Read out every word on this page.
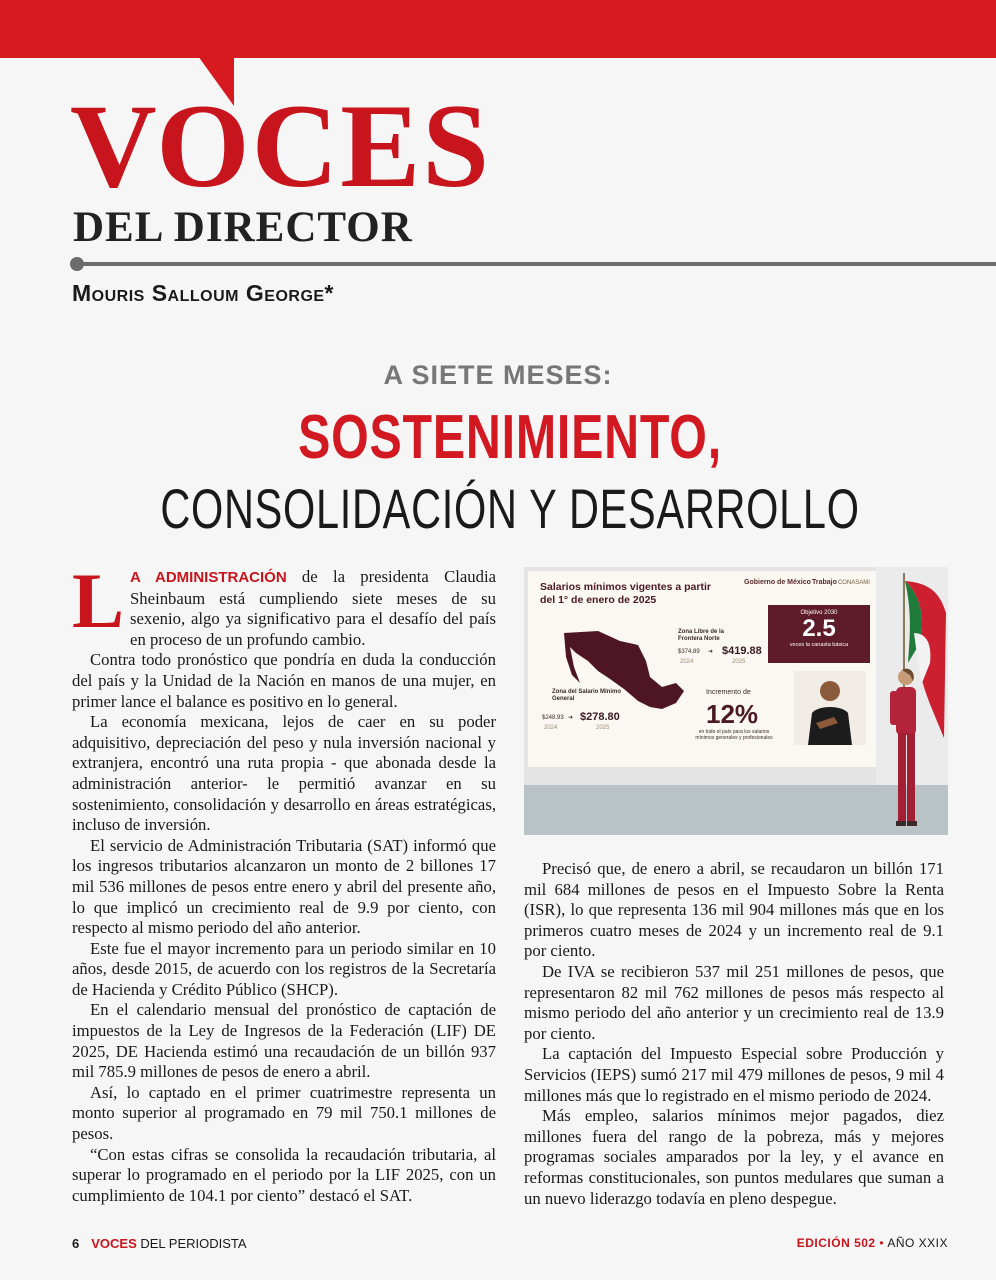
VOCES
DEL DIRECTOR
Mouris Salloum George*
A SIETE MESES:
SOSTENIMIENTO,
CONSOLIDACIÓN Y DESARROLLO

L A ADMINISTRACIÓN de la presidenta Claudia Sheinbaum está cumpliendo siete meses de su sexenio, algo ya significativo para el desafío del país en proceso de un profundo cambio.

Contra todo pronóstico que pondría en duda la conducción del país y la Unidad de la Nación en manos de una mujer, en primer lance el balance es positivo en lo general.

La economía mexicana, lejos de caer en su poder adquisitivo, depreciación del peso y nula inversión nacional y extranjera, encontró una ruta propia - que abonada desde la administración anterior- le permitió avanzar en su sostenimiento, consolidación y desarrollo en áreas estratégicas, incluso de inversión.

El servicio de Administración Tributaria (SAT) informó que los ingresos tributarios alcanzaron un monto de 2 billones 17 mil 536 millones de pesos entre enero y abril del presente año, lo que implicó un crecimiento real de 9.9 por ciento, con respecto al mismo periodo del año anterior.

Este fue el mayor incremento para un periodo similar en 10 años, desde 2015, de acuerdo con los registros de la Secretaría de Hacienda y Crédito Público (SHCP).

En el calendario mensual del pronóstico de captación de impuestos de la Ley de Ingresos de la Federación (LIF) DE 2025, DE Hacienda estimó una recaudación de un billón 937 mil 785.9 millones de pesos de enero a abril.

Así, lo captado en el primer cuatrimestre representa un monto superior al programado en 79 mil 750.1 millones de pesos.

“Con estas cifras se consolida la recaudación tributaria, al superar lo programado en el periodo por la LIF 2025, con un cumplimiento de 104.1 por ciento” destacó el SAT.

Salarios mínimos vigentes a partir del 1° de enero de 2025
Gobierno de México Trabajo CONASAMI
Zona Libre de la Frontera Norte
$374.89 ➜ $419.88
2024	2025
Zona del Salario Mínimo General
$248.93 ➜ $278.80
2024	2025
Objetivo 2030
2.5
veces la canasta básica
Incremento de
12%
en todo el país para los salarios mínimos generales y profesionales

Precisó que, de enero a abril, se recaudaron un billón 171 mil 684 millones de pesos en el Impuesto Sobre la Renta (ISR), lo que representa 136 mil 904 millones más que en los primeros cuatro meses de 2024 y un incremento real de 9.1 por ciento.

De IVA se recibieron 537 mil 251 millones de pesos, que representaron 82 mil 762 millones de pesos más respecto al mismo periodo del año anterior y un crecimiento real de 13.9 por ciento.

La captación del Impuesto Especial sobre Producción y Servicios (IEPS) sumó 217 mil 479 millones de pesos, 9 mil 4 millones más que lo registrado en el mismo periodo de 2024.

Más empleo, salarios mínimos mejor pagados, diez millones fuera del rango de la pobreza, más y mejores programas sociales amparados por la ley, y el avance en reformas constitucionales, son puntos medulares que suman a un nuevo liderazgo todavía en pleno despegue.

6 VOCES DEL PERIODISTA	EDICIÓN 502 • AÑO XXIX
